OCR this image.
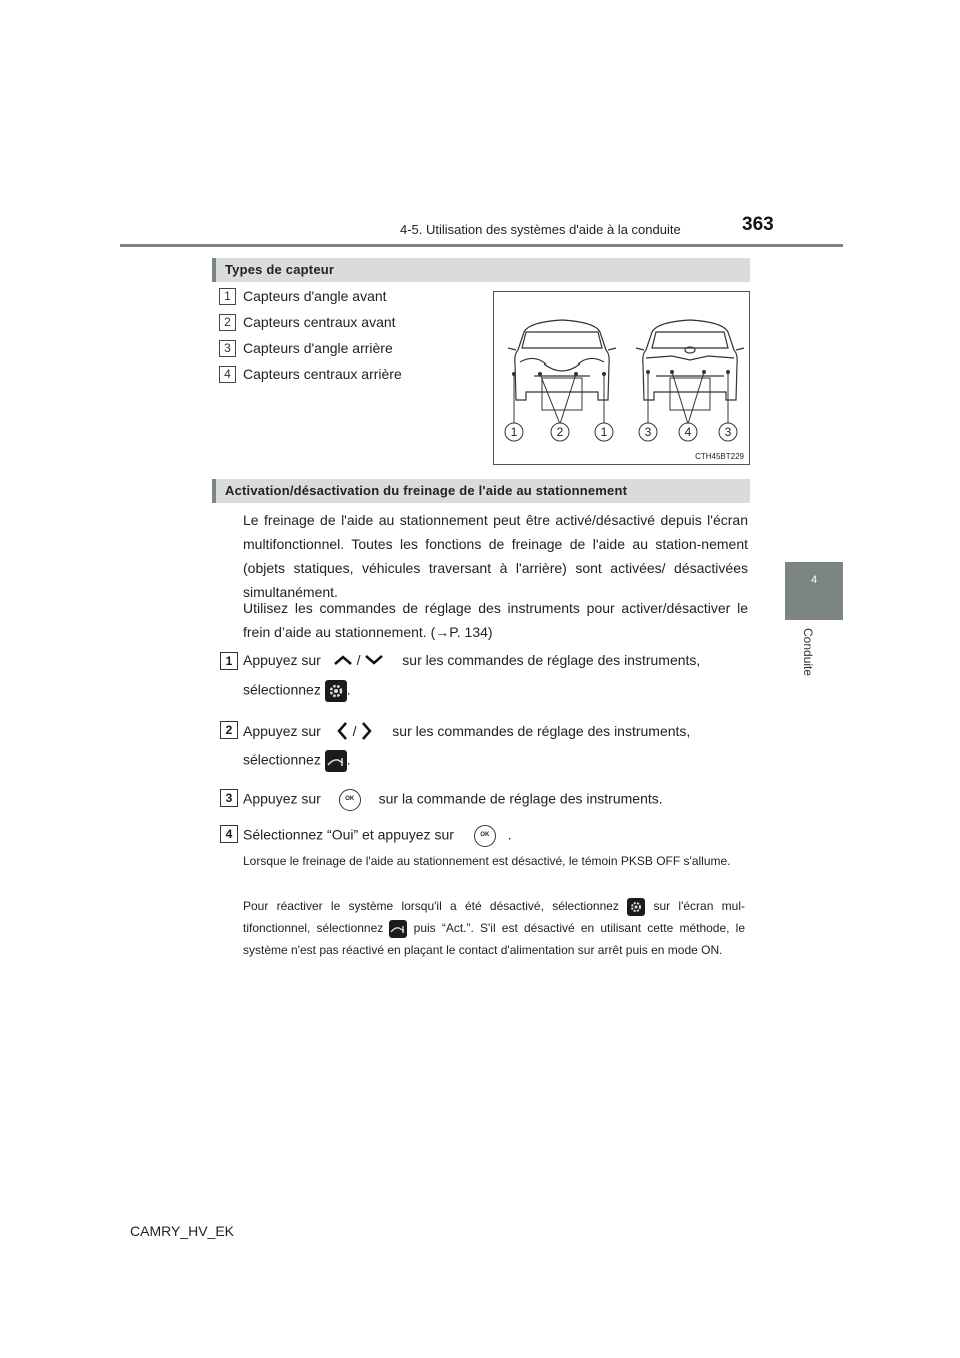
4-5. Utilisation des systèmes d'aide à la conduite	363
4
Conduite
Types de capteur
1 Capteurs d'angle avant
2 Capteurs centraux avant
3 Capteurs d'angle arrière
4 Capteurs centraux arrière
1	2	1	3	4	3
CTH45BT229
Activation/désactivation du freinage de l'aide au stationnement
Le freinage de l'aide au stationnement peut être activé/désactivé depuis l'écran multifonctionnel. Toutes les fonctions de freinage de l'aide au station-nement (objets statiques, véhicules traversant à l'arrière) sont activées/ désactivées simultanément.
Utilisez les commandes de réglage des instruments pour activer/désactiver le frein d’aide au stationnement. (→P. 134)
1 Appuyez sur	/	sur les commandes de réglage des instruments,
sélectionnez .
2 Appuyez sur /	sur les commandes de réglage des instruments,
sélectionnez .
3 Appuyez sur	OK sur la commande de réglage des instruments.
4 Sélectionnez “Oui” et appuyez sur	OK .
Lorsque le freinage de l'aide au stationnement est désactivé, le témoin PKSB OFF s'allume.
Pour réactiver le système lorsqu'il a été désactivé, sélectionnez	sur l'écran mul-tifonctionnel, sélectionnez	puis “Act.”. S'il est désactivé en utilisant cette méthode, le système n'est pas réactivé en plaçant le contact d'alimentation sur arrêt puis en mode ON.
CAMRY_HV_EK
